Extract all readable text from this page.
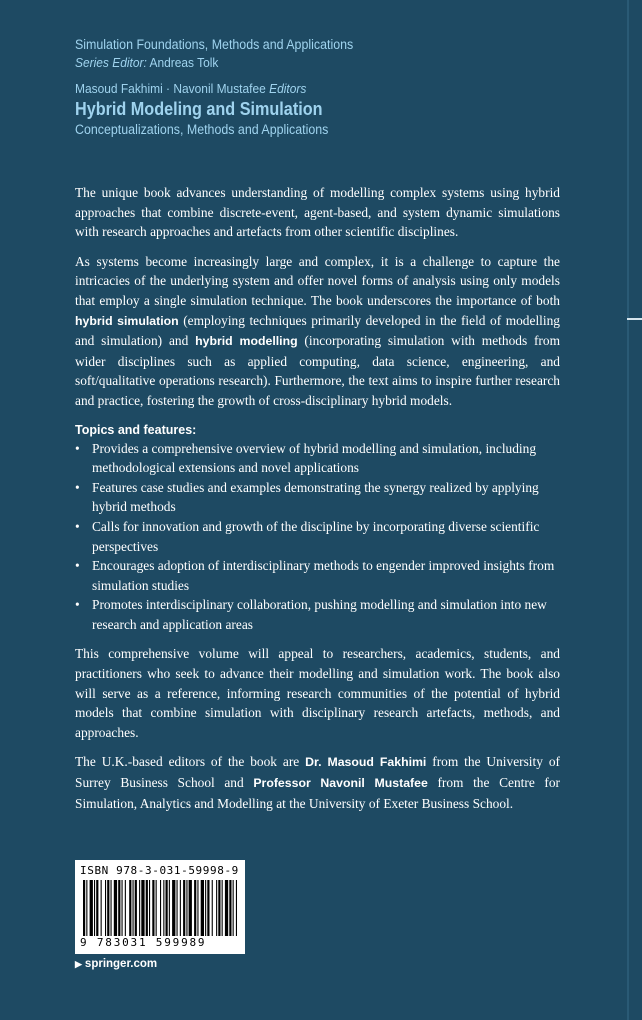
Simulation Foundations, Methods and Applications
Series Editor: Andreas Tolk
Masoud Fakhimi · Navonil Mustafee Editors
Hybrid Modeling and Simulation
Conceptualizations, Methods and Applications

The unique book advances understanding of modelling complex systems using hybrid approaches that combine discrete-event, agent-based, and system dynamic simulations with research approaches and artefacts from other scientific disciplines.

As systems become increasingly large and complex, it is a challenge to capture the intricacies of the underlying system and offer novel forms of analysis using only models that employ a single simulation technique. The book underscores the importance of both hybrid simulation (employing techniques primarily developed in the field of modelling and simulation) and hybrid modelling (incorporating simulation with methods from wider disciplines such as applied computing, data science, engineering, and soft/qualitative operations research). Furthermore, the text aims to inspire further research and practice, fostering the growth of cross-disciplinary hybrid models.

Topics and features:
• Provides a comprehensive overview of hybrid modelling and simulation, including methodological extensions and novel applications
• Features case studies and examples demonstrating the synergy realized by applying hybrid methods
• Calls for innovation and growth of the discipline by incorporating diverse scientific perspectives
• Encourages adoption of interdisciplinary methods to engender improved insights from simulation studies
• Promotes interdisciplinary collaboration, pushing modelling and simulation into new research and application areas

This comprehensive volume will appeal to researchers, academics, students, and practitioners who seek to advance their modelling and simulation work. The book also will serve as a reference, informing research communities of the potential of hybrid models that combine simulation with disciplinary research artefacts, methods, and approaches.

The U.K.-based editors of the book are Dr. Masoud Fakhimi from the University of Surrey Business School and Professor Navonil Mustafee from the Centre for Simulation, Analytics and Modelling at the University of Exeter Business School.

ISBN 978-3-031-59998-9
9 783031 599989
▶ springer.com
